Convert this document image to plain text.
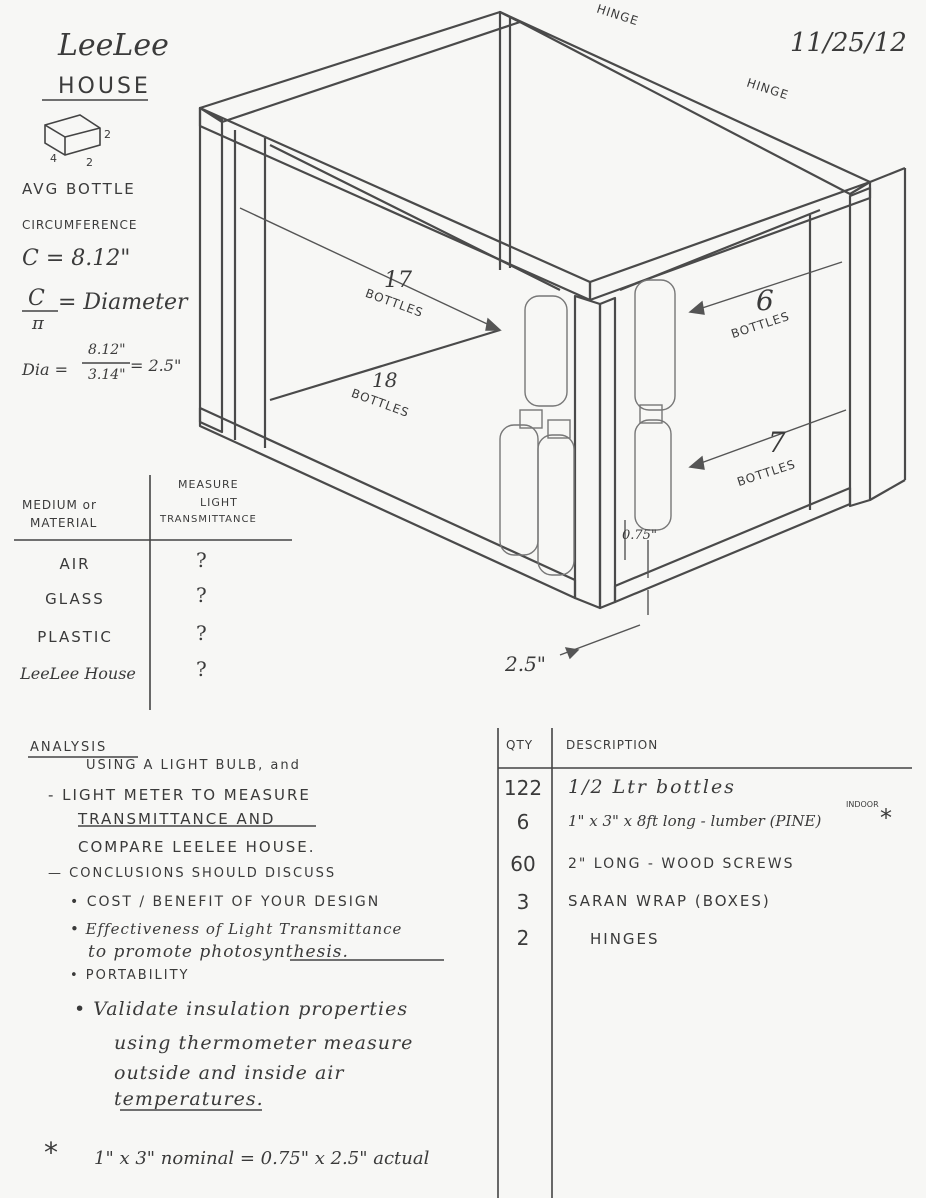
LeeLee
HOUSE
11/25/12
4	2
2
AVG BOTTLE
CIRCUMFERENCE
C = 8.12"
C
π
= Diameter
Dia =
8.12"
3.14" = 2.5"
HINGE
HINGE
17
BOTTLES
18
BOTTLES
6
BOTTLES
7
BOTTLES
0.75"
2.5"
MEDIUM or
MATERIAL
MEASURE
LIGHT
TRANSMITTANCE
AIR	?
GLASS	?
PLASTIC	?
LeeLee House	?
ANALYSIS
USING A LIGHT BULB, and
- LIGHT METER TO MEASURE
TRANSMITTANCE AND
COMPARE LEELEE HOUSE.
— CONCLUSIONS SHOULD DISCUSS
• COST / BENEFIT OF YOUR DESIGN
• Effectiveness of Light Transmittance
to promote photosynthesis.
• PORTABILITY
• Validate insulation properties
using thermometer measure
outside and inside air
temperatures.
* 1" x 3" nominal = 0.75" x 2.5" actual
QTY	DESCRIPTION
122 1/2 Ltr bottles
6	1" x 3" x 8ft long - lumber (PINE)
INDOOR *
60	2" LONG - WOOD SCREWS
3	SARAN WRAP (BOXES)
2	HINGES
